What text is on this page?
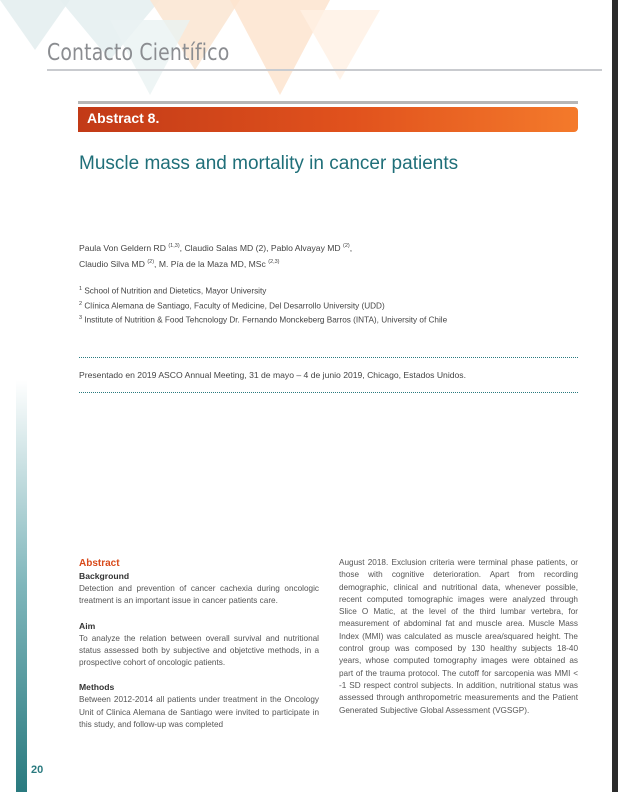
20
Contacto Científico
Abstract 8.
Muscle mass and mortality in cancer patients
Paula Von Geldern RD $^{(1,3)}$, Claudio Salas MD (2), Pablo Alvayay MD $^{(2)}$,
Claudio Silva MD $^{(2)}$, M. Pía de la Maza MD, MSc $^{(2,3)}$
$^1$ School of Nutrition and Dietetics, Mayor University
$^2$ Clínica Alemana de Santiago, Faculty of Medicine, Del Desarrollo University (UDD)
$^3$ Institute of Nutrition & Food Tehcnology Dr. Fernando Monckeberg Barros (INTA), University of Chile
Presentado en 2019 ASCO Annual Meeting, 31 de mayo – 4 de junio 2019, Chicago, Estados Unidos.
Abstract
Background

Detection and prevention of cancer cachexia during oncologic treatment is an important issue in cancer patients care.

Aim

To analyze the relation between overall survival and nutritional status assessed both by subjective and objetctive methods, in a prospective cohort of oncologic patients.

Methods

Between 2012-2014 all patients under treatment in the Oncology Unit of Clinica Alemana de Santiago were invited to participate in this study, and follow-up was completed

August 2018. Exclusion criteria were terminal phase patients, or those with cognitive deterioration. Apart from recording demographic, clinical and nutritional data, whenever possible, recent computed tomographic images were analyzed through Slice O Matic, at the level of the third lumbar vertebra, for measurement of abdominal fat and muscle area. Muscle Mass Index (MMI) was calculated as muscle area/squared height. The control group was composed by 130 healthy subjects 18-40 years, whose computed tomography images were obtained as part of the trauma protocol. The cutoff for sarcopenia was MMI < -1 SD respect control subjects. In addition, nutritional status was assessed through anthropometric measurements and the Patient Generated Subjective Global Assessment (VGSGP).
